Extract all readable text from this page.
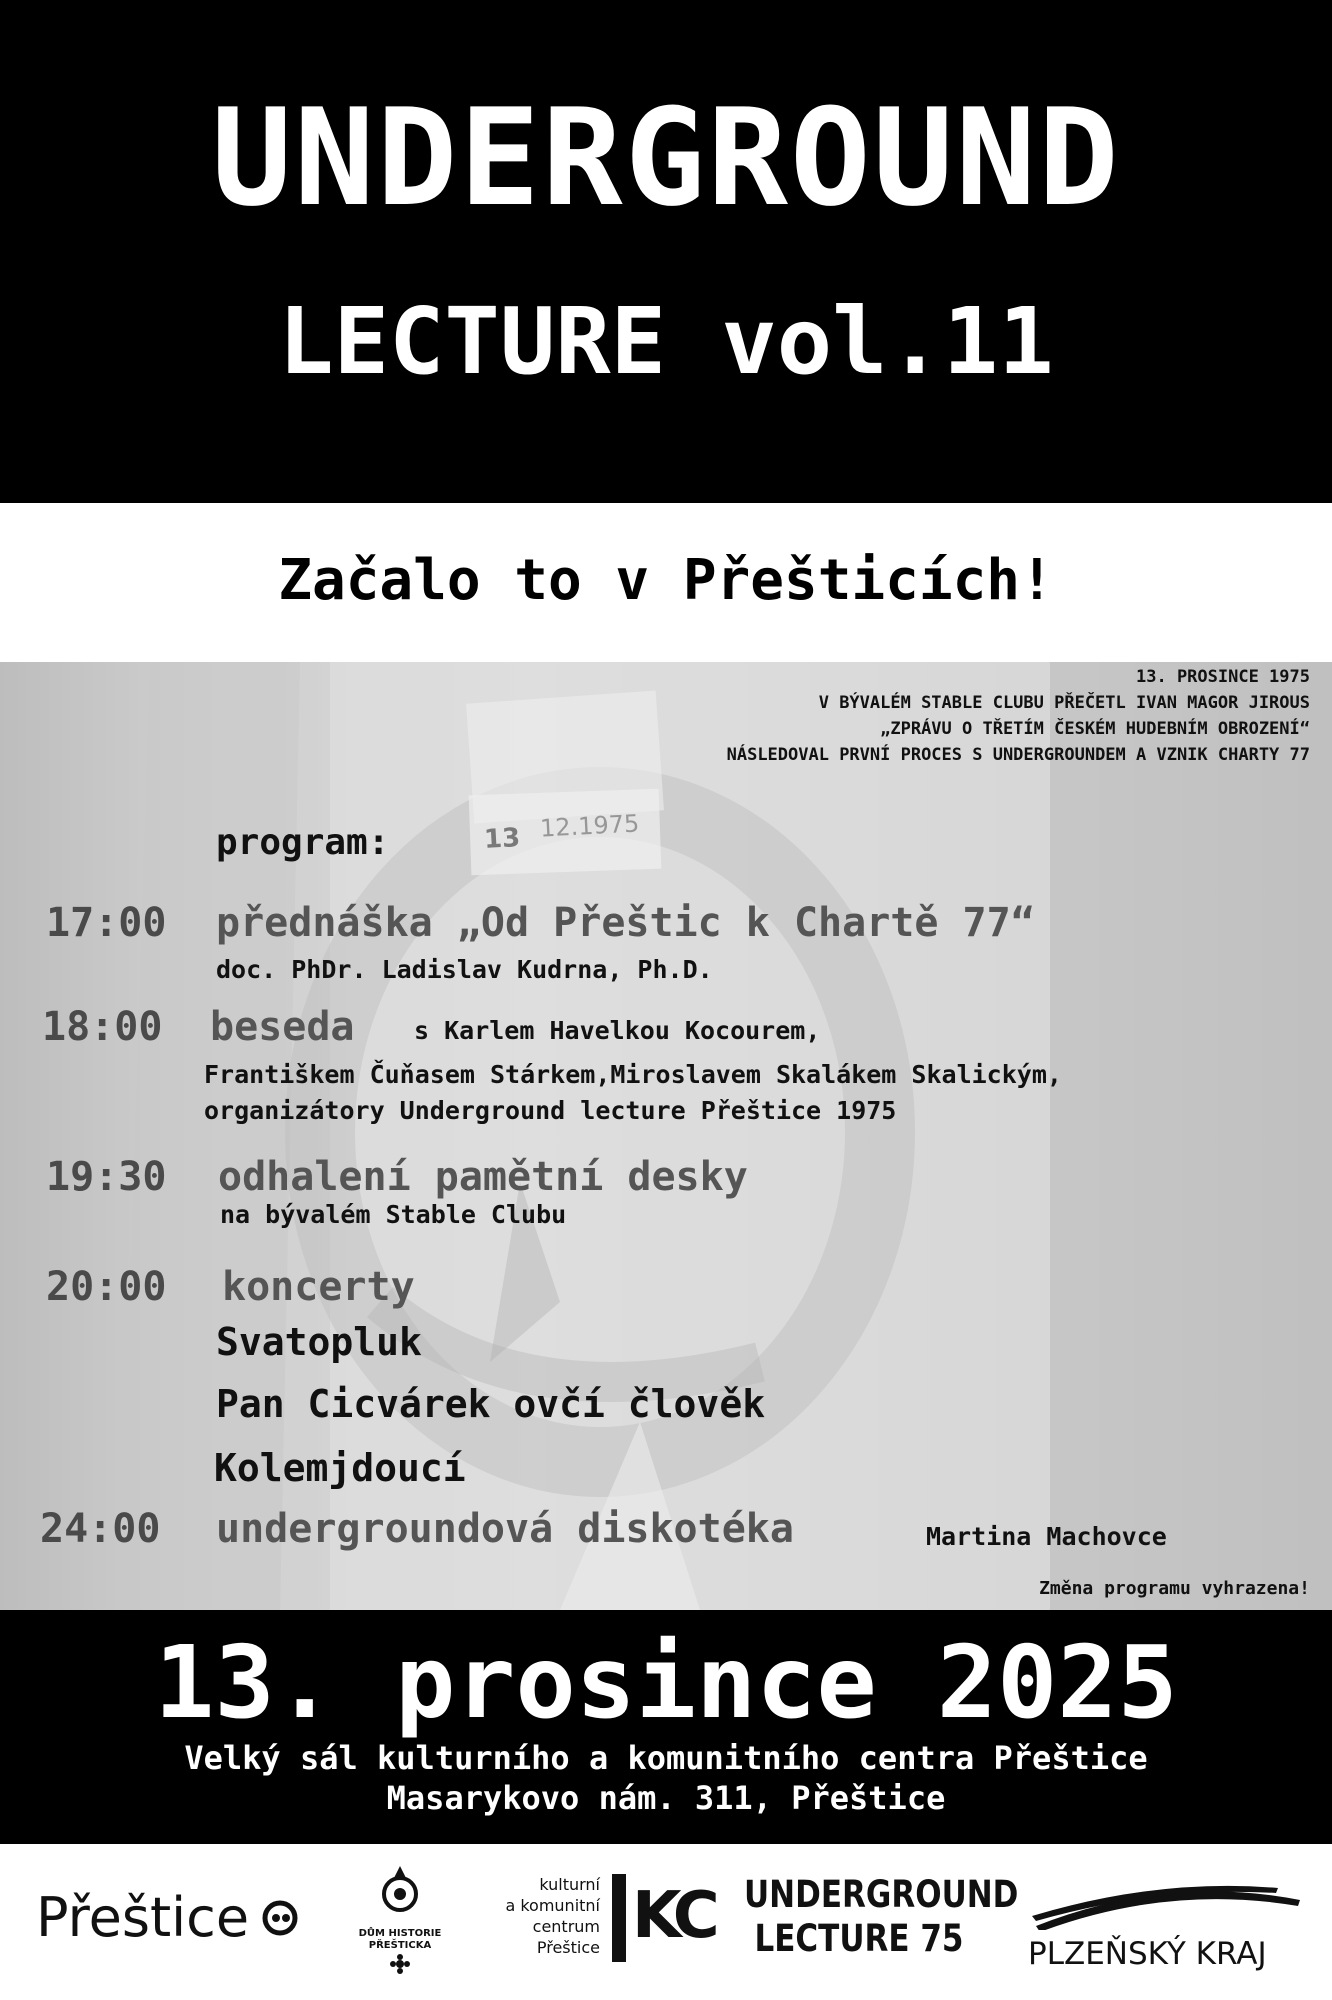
UNDERGROUND
LECTURE vol.11
Začalo to v Přešticích!
13 12.1975
13. PROSINCE 1975
V BÝVALÉM STABLE CLUBU PŘEČETL IVAN MAGOR JIROUS
„ZPRÁVU O TŘETÍM ČESKÉM HUDEBNÍM OBROZENÍ“
NÁSLEDOVAL PRVNÍ PROCES S UNDERGROUNDEM A VZNIK CHARTY 77
program:
17:00 přednáška „Od Přeštic k Chartě 77“
doc. PhDr. Ladislav Kudrna, Ph.D.
18:00 beseda s Karlem Havelkou Kocourem,
Františkem Čuňasem Stárkem,Miroslavem Skalákem Skalickým,
organizátory Underground lecture Přeštice 1975
19:30 odhalení pamětní desky
na bývalém Stable Clubu
20:00 koncerty
Svatopluk
Pan Cicvárek ovčí člověk
Kolemjdoucí
24:00 undergroundová diskotéka	Martina Machovce
Změna programu vyhrazena!
13. prosince 2025
Velký sál kulturního a komunitního centra Přeštice
Masarykovo nám. 311, Přeštice
Přeštice	DŮM HISTORIE
PŘEŠTICKA
kulturní
a komunitní
centrum
Přeštice KC UNDERGROUND
LECTURE 75	PLZEŇSKÝ KRAJ
